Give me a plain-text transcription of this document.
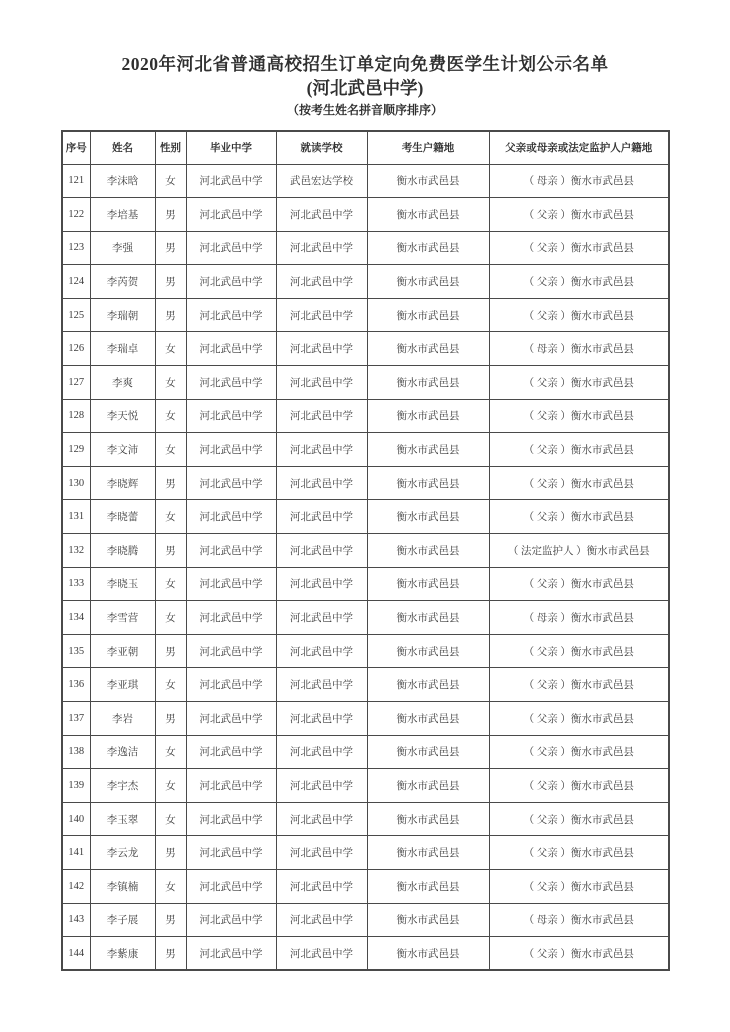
2020年河北省普通高校招生订单定向免费医学生计划公示名单
(河北武邑中学)
（按考生姓名拼音顺序排序）
序号	姓名	性别	毕业中学	就读学校	考生户籍地	父亲或母亲或法定监护人户籍地
121	李沫晗	女	河北武邑中学	武邑宏达学校	衡水市武邑县	（ 母亲 ）衡水市武邑县
122	李培基	男	河北武邑中学	河北武邑中学	衡水市武邑县	（ 父亲 ）衡水市武邑县
123	李强	男	河北武邑中学	河北武邑中学	衡水市武邑县	（ 父亲 ）衡水市武邑县
124	李芮贺	男	河北武邑中学	河北武邑中学	衡水市武邑县	（ 父亲 ）衡水市武邑县
125	李瑞朝	男	河北武邑中学	河北武邑中学	衡水市武邑县	（ 父亲 ）衡水市武邑县
126	李瑞卓	女	河北武邑中学	河北武邑中学	衡水市武邑县	（ 母亲 ）衡水市武邑县
127	李爽	女	河北武邑中学	河北武邑中学	衡水市武邑县	（ 父亲 ）衡水市武邑县
128	李天悦	女	河北武邑中学	河北武邑中学	衡水市武邑县	（ 父亲 ）衡水市武邑县
129	李文沛	女	河北武邑中学	河北武邑中学	衡水市武邑县	（ 父亲 ）衡水市武邑县
130	李晓辉	男	河北武邑中学	河北武邑中学	衡水市武邑县	（ 父亲 ）衡水市武邑县
131	李晓蕾	女	河北武邑中学	河北武邑中学	衡水市武邑县	（ 父亲 ）衡水市武邑县
132	李晓腾	男	河北武邑中学	河北武邑中学	衡水市武邑县	（ 法定监护人 ）衡水市武邑县
133	李晓玉	女	河北武邑中学	河北武邑中学	衡水市武邑县	（ 父亲 ）衡水市武邑县
134	李雪营	女	河北武邑中学	河北武邑中学	衡水市武邑县	（ 母亲 ）衡水市武邑县
135	李亚朝	男	河北武邑中学	河北武邑中学	衡水市武邑县	（ 父亲 ）衡水市武邑县
136	李亚琪	女	河北武邑中学	河北武邑中学	衡水市武邑县	（ 父亲 ）衡水市武邑县
137	李岩	男	河北武邑中学	河北武邑中学	衡水市武邑县	（ 父亲 ）衡水市武邑县
138	李逸洁	女	河北武邑中学	河北武邑中学	衡水市武邑县	（ 父亲 ）衡水市武邑县
139	李宇杰	女	河北武邑中学	河北武邑中学	衡水市武邑县	（ 父亲 ）衡水市武邑县
140	李玉翠	女	河北武邑中学	河北武邑中学	衡水市武邑县	（ 父亲 ）衡水市武邑县
141	李云龙	男	河北武邑中学	河北武邑中学	衡水市武邑县	（ 父亲 ）衡水市武邑县
142	李镇楠	女	河北武邑中学	河北武邑中学	衡水市武邑县	（ 父亲 ）衡水市武邑县
143	李子展	男	河北武邑中学	河北武邑中学	衡水市武邑县	（ 母亲 ）衡水市武邑县
144	李紫康	男	河北武邑中学	河北武邑中学	衡水市武邑县	（ 父亲 ）衡水市武邑县
